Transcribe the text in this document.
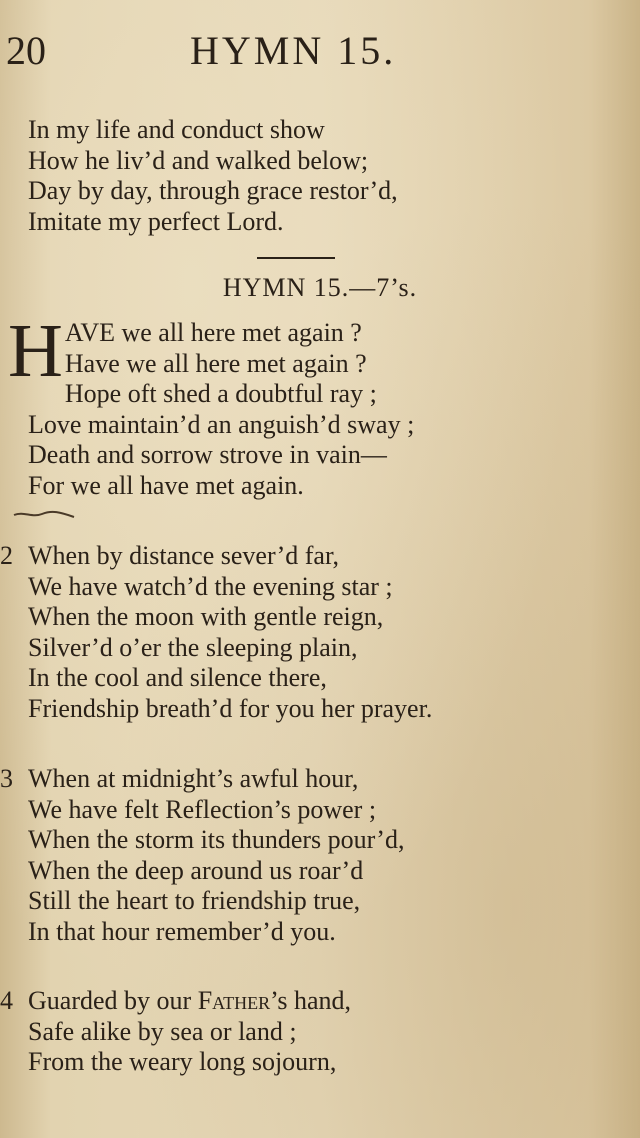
20	HYMN 15.
In my life and conduct show
How he liv’d and walked below;
Day by day, through grace restor’d,
Imitate my perfect Lord.
HYMN 15.—7’s.
H AVE we all here met again ?
Have we all here met again ?
Hope oft shed a doubtful ray ;
Love maintain’d an anguish’d sway ;
Death and sorrow strove in vain—
For we all have met again.
2 When by distance sever’d far,
We have watch’d the evening star ;
When the moon with gentle reign,
Silver’d o’er the sleeping plain,
In the cool and silence there,
Friendship breath’d for you her prayer.
3 When at midnight’s awful hour,
We have felt Reflection’s power ;
When the storm its thunders pour’d,
When the deep around us roar’d
Still the heart to friendship true,
In that hour remember’d you.
4 Guarded by our Father’s hand,
Safe alike by sea or land ;
From the weary long sojourn,
